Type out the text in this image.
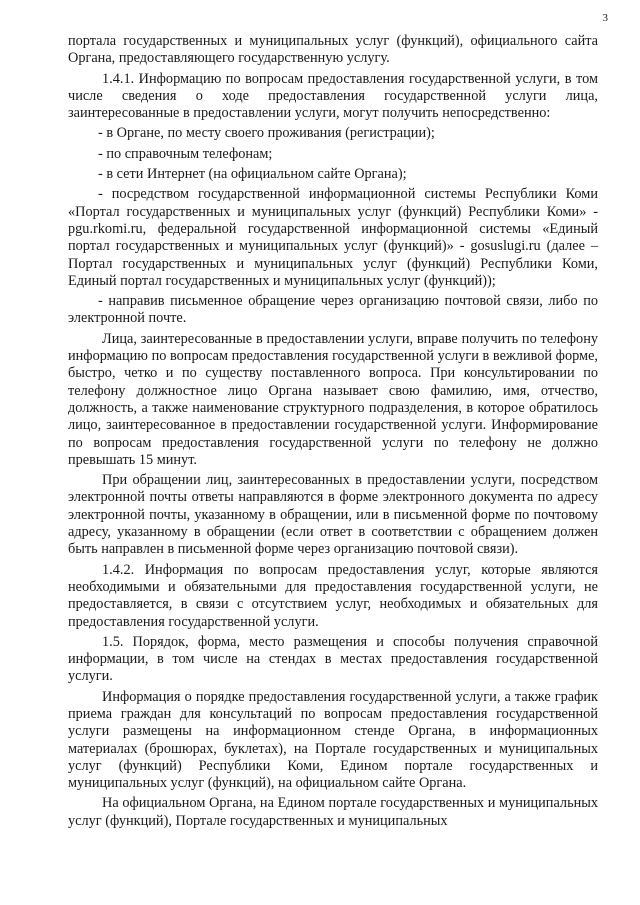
3

портала государственных и муниципальных услуг (функций), официального сайта Органа, предоставляющего государственную услугу.

1.4.1. Информацию по вопросам предоставления государственной услуги, в том числе сведения о ходе предоставления государственной услуги лица, заинтересованные в предоставлении услуги, могут получить непосредственно:

- в Органе, по месту своего проживания (регистрации);

- по справочным телефонам;

- в сети Интернет (на официальном сайте Органа);

- посредством государственной информационной системы Республики Коми «Портал государственных и муниципальных услуг (функций) Республики Коми» - pgu.rkomi.ru, федеральной государственной информационной системы «Единый портал государственных и муниципальных услуг (функций)» - gosuslugi.ru (далее – Портал государственных и муниципальных услуг (функций) Республики Коми, Единый портал государственных и муниципальных услуг (функций));

- направив письменное обращение через организацию почтовой связи, либо по электронной почте.

Лица, заинтересованные в предоставлении услуги, вправе получить по телефону информацию по вопросам предоставления государственной услуги в вежливой форме, быстро, четко и по существу поставленного вопроса. При консультировании по телефону должностное лицо Органа называет свою фамилию, имя, отчество, должность, а также наименование структурного подразделения, в которое обратилось лицо, заинтересованное в предоставлении государственной услуги. Информирование по вопросам предоставления государственной услуги по телефону не должно превышать 15 минут.

При обращении лиц, заинтересованных в предоставлении услуги, посредством электронной почты ответы направляются в форме электронного документа по адресу электронной почты, указанному в обращении, или в письменной форме по почтовому адресу, указанному в обращении (если ответ в соответствии с обращением должен быть направлен в письменной форме через организацию почтовой связи).

1.4.2. Информация по вопросам предоставления услуг, которые являются необходимыми и обязательными для предоставления государственной услуги, не предоставляется, в связи с отсутствием услуг, необходимых и обязательных для предоставления государственной услуги.

1.5. Порядок, форма, место размещения и способы получения справочной информации, в том числе на стендах в местах предоставления государственной услуги.

Информация о порядке предоставления государственной услуги, а также график приема граждан для консультаций по вопросам предоставления государственной услуги размещены на информационном стенде Органа, в информационных материалах (брошюрах, буклетах), на Портале государственных и муниципальных услуг (функций) Республики Коми, Едином портале государственных и муниципальных услуг (функций), на официальном сайте Органа.

На официальном Органа, на Едином портале государственных и муниципальных услуг (функций), Портале государственных и муниципальных
